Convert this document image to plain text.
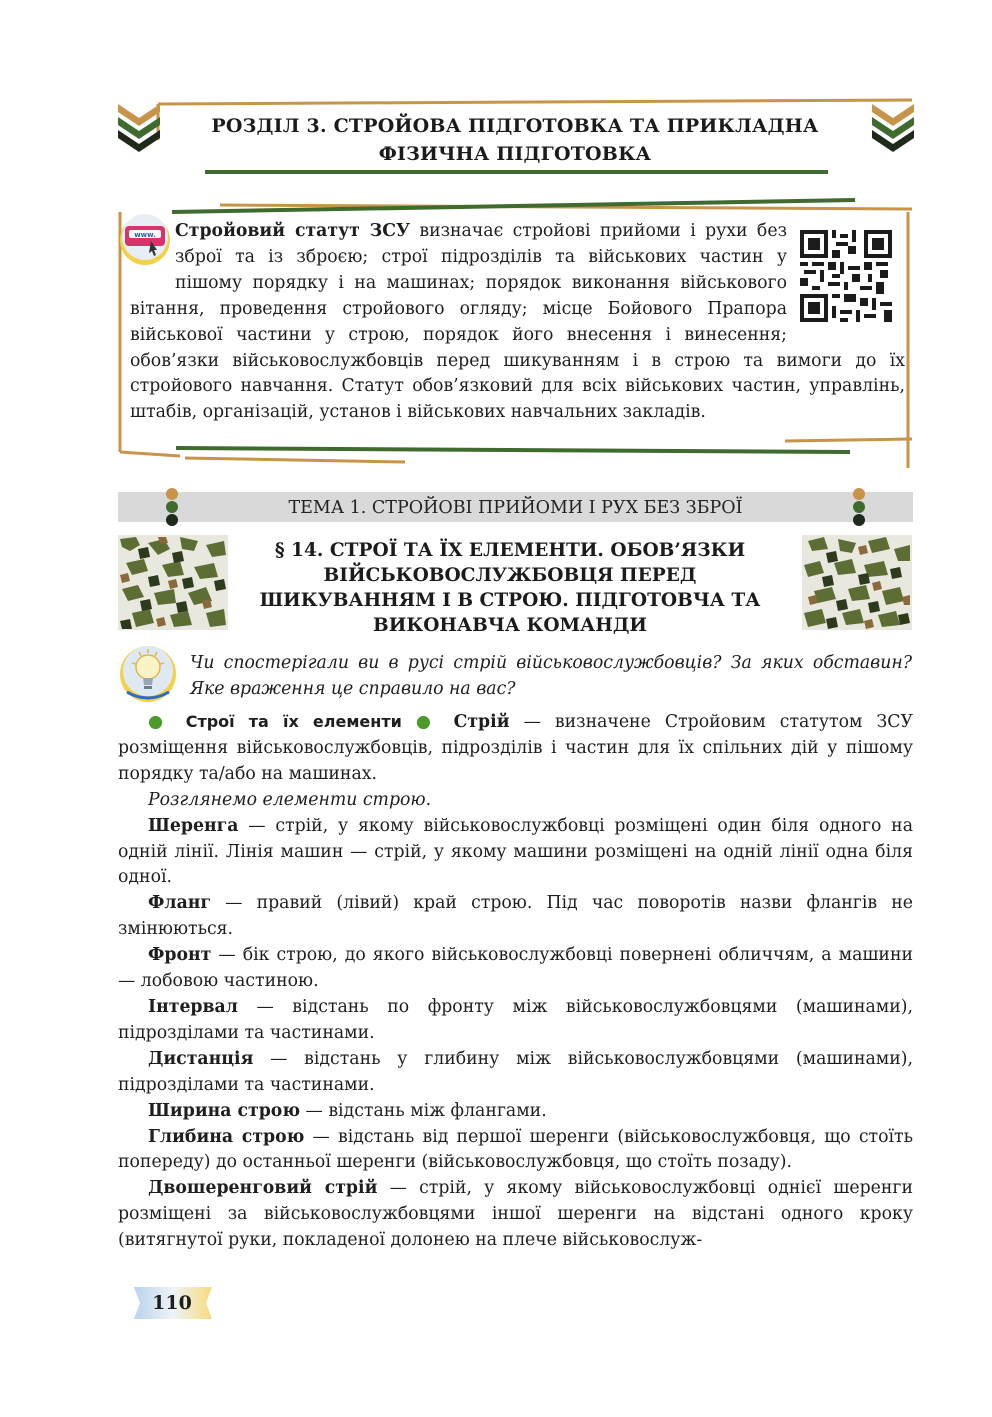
РОЗДІЛ 3. СТРОЙОВА ПІДГОТОВКА ТА ПРИКЛАДНА ФІЗИЧНА ПІДГОТОВКА
www.	Стройовий статут ЗСУ визначає стройові прийоми і рухи без зброї та із зброєю; строї підрозділів та військових частин у пішому порядку і на машинах; порядок виконання військового вітання, проведення стройового огляду; місце Бойового Прапора військової частини у строю, порядок його внесення і винесення; обов’язки військовослужбовців перед шикуванням і в строю та вимоги до їх стройового навчання. Статут обов’язковий для всіх військових частин, управлінь, штабів, організацій, установ і військових навчальних закладів.
ТЕМА 1. СТРОЙОВІ ПРИЙОМИ І РУХ БЕЗ ЗБРОЇ
§ 14. СТРОЇ ТА ЇХ ЕЛЕМЕНТИ. ОБОВ’ЯЗКИ ВІЙСЬКОВОСЛУЖБОВЦЯ ПЕРЕД ШИКУВАННЯМ І В СТРОЮ. ПІДГОТОВЧА ТА ВИКОНАВЧА КОМАНДИ
Чи спостерігали ви в русі стрій військовослужбовців? За яких обставин? Яке враження це справило на вас?

● Строї та їх елементи ● Стрій — визначене Стройовим статутом ЗСУ розміщення військовослужбовців, підрозділів і частин для їх спільних дій у пішому порядку та/або на машинах.

Розглянемо елементи строю.

Шеренга — стрій, у якому військовослужбовці розміщені один біля одного на одній лінії. Лінія машин — стрій, у якому машини розміщені на одній лінії одна біля одної.

Фланг — правий (лівий) край строю. Під час поворотів назви флангів не змінюються.

Фронт — бік строю, до якого військовослужбовці повернені обличчям, а машини — лобовою частиною.

Інтервал — відстань по фронту між військовослужбовцями (машинами), підрозділами та частинами.

Дистанція — відстань у глибину між військовослужбовцями (машинами), підрозділами та частинами.

Ширина строю — відстань між флангами.

Глибина строю — відстань від першої шеренги (військовослужбовця, що стоїть попереду) до останньої шеренги (військовослужбовця, що стоїть позаду).

Двошеренговий стрій — стрій, у якому військовослужбовці однієї шеренги розміщені за військовослужбовцями іншої шеренги на відстані одного кроку (витягнутої руки, покладеної долонею на плече військовослуж-

110
